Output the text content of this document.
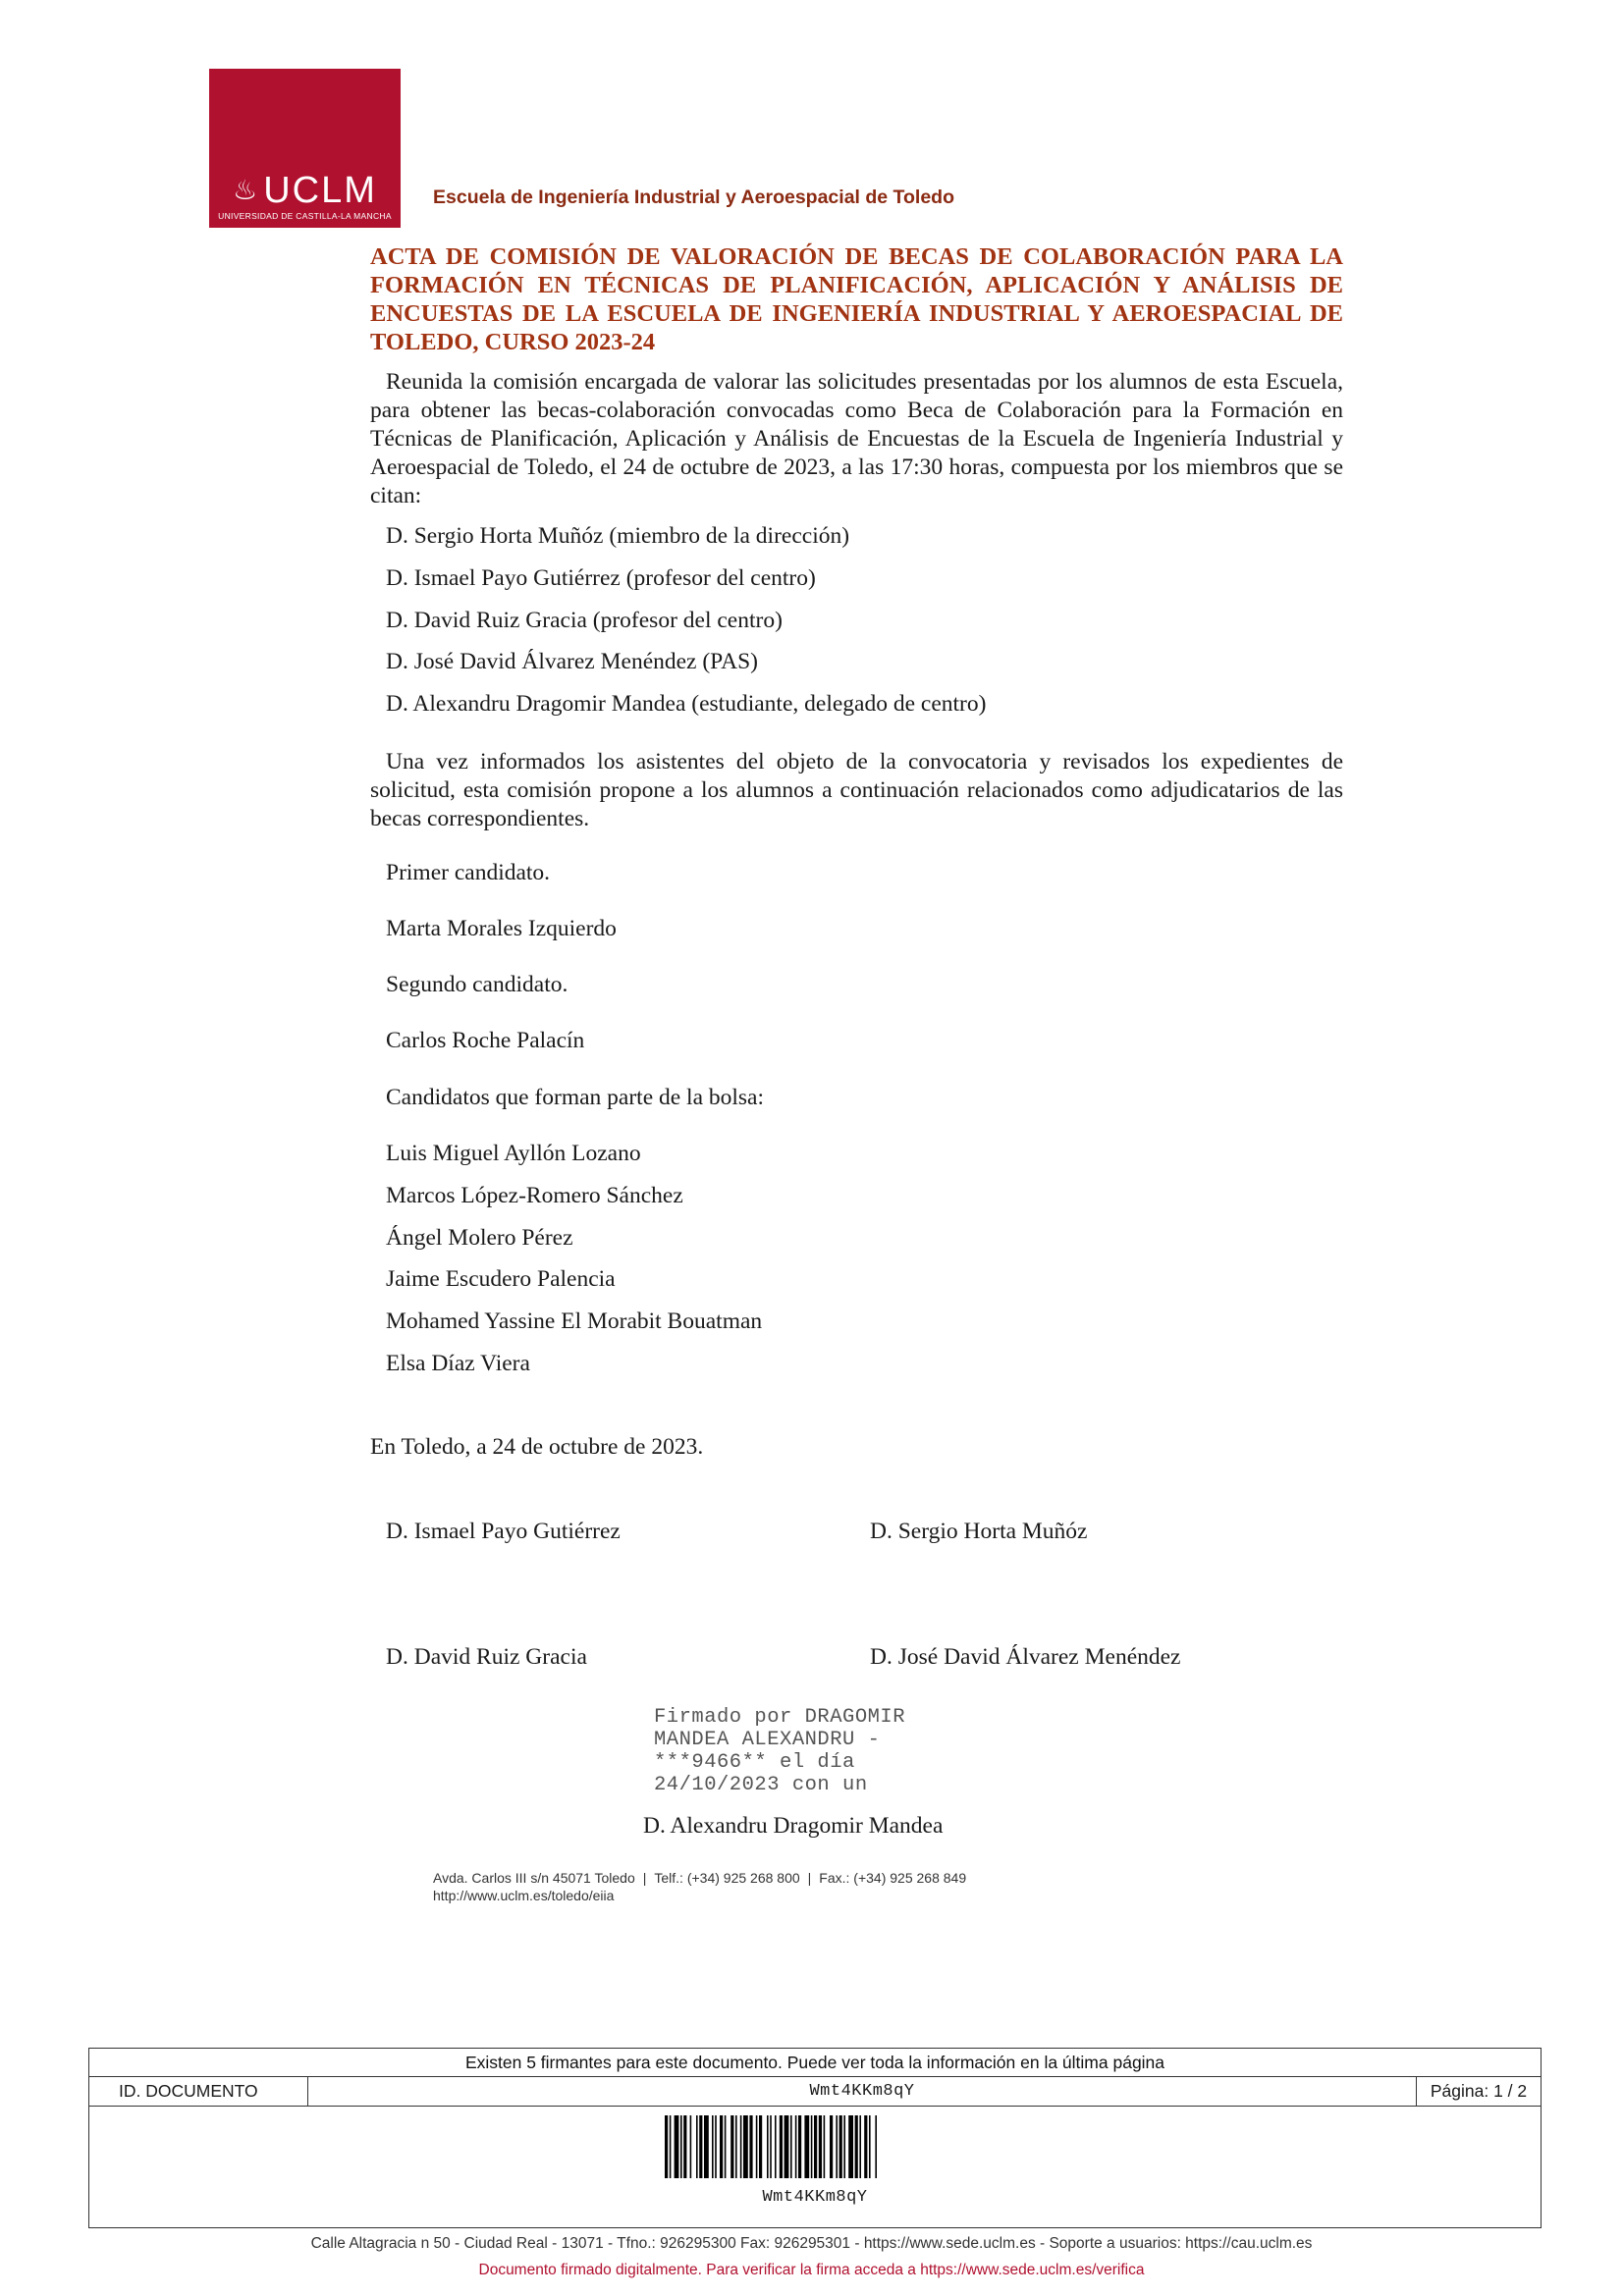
♨ UCLM
UNIVERSIDAD DE CASTILLA-LA MANCHA
Escuela de Ingeniería Industrial y Aeroespacial de Toledo
ACTA DE COMISIÓN DE VALORACIÓN DE BECAS DE COLABORACIÓN PARA LA FORMACIÓN EN TÉCNICAS DE PLANIFICACIÓN, APLICACIÓN Y ANÁLISIS DE ENCUESTAS DE LA ESCUELA DE INGENIERÍA INDUSTRIAL Y AEROESPACIAL DE TOLEDO, CURSO 2023-24
Reunida la comisión encargada de valorar las solicitudes presentadas por los alumnos de esta Escuela, para obtener las becas-colaboración convocadas como Beca de Colaboración para la Formación en Técnicas de Planificación, Aplicación y Análisis de Encuestas de la Escuela de Ingeniería Industrial y Aeroespacial de Toledo, el 24 de octubre de 2023, a las 17:30 horas, compuesta por los miembros que se citan:
D. Sergio Horta Muñóz (miembro de la dirección)
D. Ismael Payo Gutiérrez (profesor del centro)
D. David Ruiz Gracia (profesor del centro)
D. José David Álvarez Menéndez (PAS)
D. Alexandru Dragomir Mandea (estudiante, delegado de centro)
Una vez informados los asistentes del objeto de la convocatoria y revisados los expedientes de solicitud, esta comisión propone a los alumnos a continuación relacionados como adjudicatarios de las becas correspondientes.
Primer candidato.
Marta Morales Izquierdo
Segundo candidato.
Carlos Roche Palacín
Candidatos que forman parte de la bolsa:
Luis Miguel Ayllón Lozano
Marcos López-Romero Sánchez
Ángel Molero Pérez
Jaime Escudero Palencia
Mohamed Yassine El Morabit Bouatman
Elsa Díaz Viera
En Toledo, a 24 de octubre de 2023.
D. Ismael Payo Gutiérrez	D. Sergio Horta Muñóz
D. David Ruiz Gracia	D. José David Álvarez Menéndez
Firmado por DRAGOMIR
MANDEA ALEXANDRU -
***9466** el día
24/10/2023 con un
D. Alexandru Dragomir Mandea
Avda. Carlos III s/n 45071 Toledo | Telf.: (+34) 925 268 800 | Fax.: (+34) 925 268 849
http://www.uclm.es/toledo/eiia
Existen 5 firmantes para este documento. Puede ver toda la información en la última página
ID. DOCUMENTO	Wmt4KKm8qY	Página: 1 / 2
Wmt4KKm8qY
Calle Altagracia n 50 - Ciudad Real - 13071 - Tfno.: 926295300 Fax: 926295301 - https://www.sede.uclm.es - Soporte a usuarios: https://cau.uclm.es
Documento firmado digitalmente. Para verificar la firma acceda a https://www.sede.uclm.es/verifica
